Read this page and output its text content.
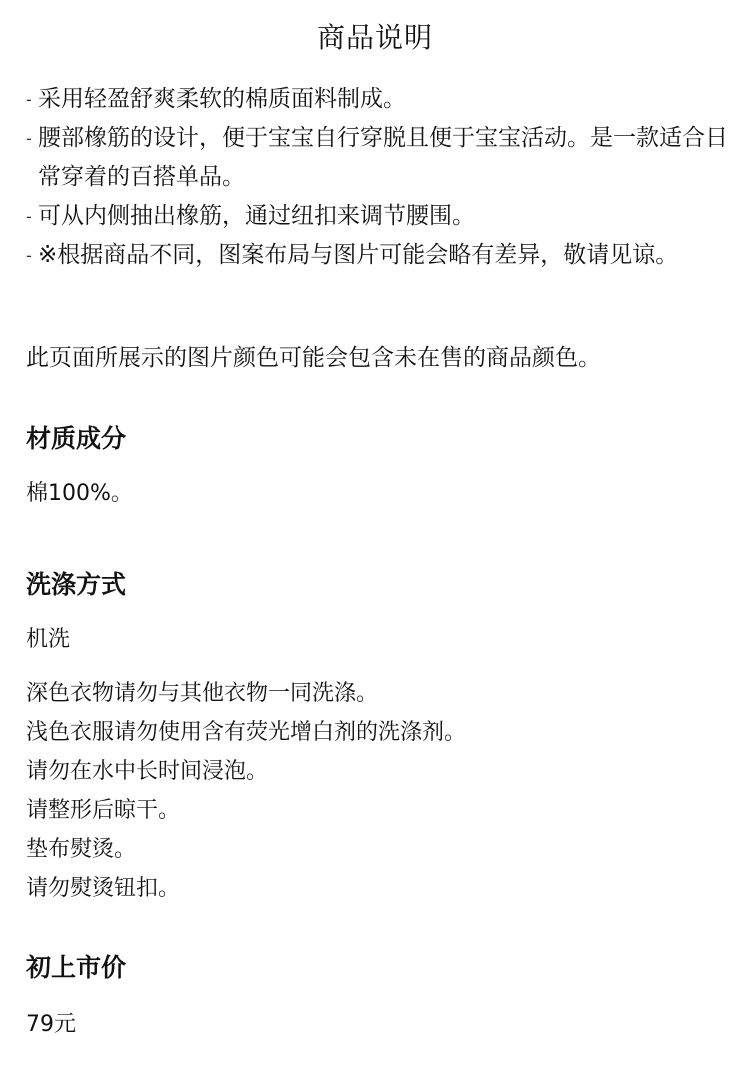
商品说明
- 采用轻盈舒爽柔软的棉质面料制成。
- 腰部橡筋的设计，便于宝宝自行穿脱且便于宝宝活动。是一款适合日常穿着的百搭单品。
- 可从内侧抽出橡筋，通过纽扣来调节腰围。
- ※根据商品不同，图案布局与图片可能会略有差异，敬请见谅。
此页面所展示的图片颜色可能会包含未在售的商品颜色。
材质成分
棉100%。
洗涤方式
机洗
深色衣物请勿与其他衣物一同洗涤。
浅色衣服请勿使用含有荧光增白剂的洗涤剂。
请勿在水中长时间浸泡。
请整形后晾干。
垫布熨烫。
请勿熨烫钮扣。
初上市价
79元
